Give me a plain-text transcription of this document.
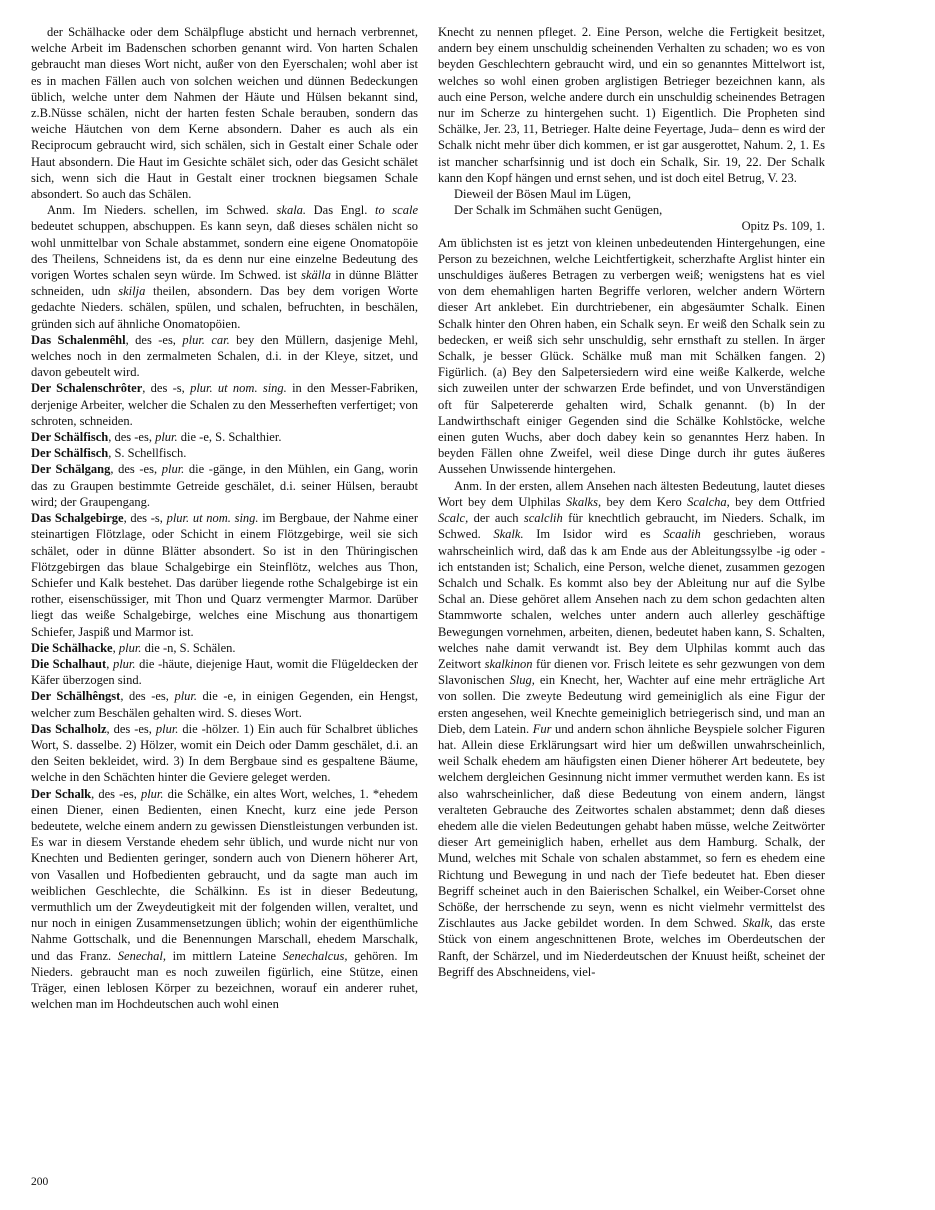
der Schälhacke oder dem Schälpfluge absticht und hernach verbrennet, welche Arbeit im Badenschen schorben genannt wird. Von harten Schalen gebraucht man dieses Wort nicht, außer von den Eyerschalen; wohl aber ist es in machen Fällen auch von solchen weichen und dünnen Bedeckungen üblich, welche unter dem Nahmen der Häute und Hülsen bekannt sind, z.B.Nüsse schälen, nicht der harten festen Schale berauben, sondern das weiche Häutchen von dem Kerne absondern. Daher es auch als ein Reciprocum gebraucht wird, sich schälen, sich in Gestalt einer Schale oder Haut absondern. Die Haut im Gesichte schälet sich, oder das Gesicht schälet sich, wenn sich die Haut in Gestalt einer trocknen biegsamen Schale absondert. So auch das Schälen.

Anm. Im Nieders. schellen, im Schwed. skala. Das Engl. to scale bedeutet schuppen, abschuppen. Es kann seyn, daß dieses schälen nicht so wohl unmittelbar von Schale abstammet, sondern eine eigene Onomatopöie des Theilens, Schneidens ist, da es denn nur eine einzelne Bedeutung des vorigen Wortes schalen seyn würde. Im Schwed. ist skälla in dünne Blätter schneiden, udn skilja theilen, absondern. Das bey dem vorigen Worte gedachte Nieders. schälen, spülen, und schalen, befruchten, in beschälen, gründen sich auf ähnliche Onomatopöien.

Das Schalenmêhl, des -es, plur. car. bey den Müllern, dasjenige Mehl, welches noch in den zermalmeten Schalen, d.i. in der Kleye, sitzet, und davon gebeutelt wird.

Der Schalenschrôter, des -s, plur. ut nom. sing. in den Messer-Fabriken, derjenige Arbeiter, welcher die Schalen zu den Messerheften verfertiget; von schroten, schneiden.

Der Schälfisch, des -es, plur. die -e, S. Schalthier.

Der Schälfisch, S. Schellfisch.

Der Schälgang, des -es, plur. die -gänge, in den Mühlen, ein Gang, worin das zu Graupen bestimmte Getreide geschälet, d.i. seiner Hülsen, beraubt wird; der Graupengang.

Das Schalgebirge, des -s, plur. ut nom. sing. im Bergbaue, der Nahme einer steinartigen Flötzlage, oder Schicht in einem Flötzgebirge, weil sie sich schälet, oder in dünne Blätter absondert. So ist in den Thüringischen Flötzgebirgen das blaue Schalgebirge ein Steinflötz, welches aus Thon, Schiefer und Kalk bestehet. Das darüber liegende rothe Schalgebirge ist ein rother, eisenschüssiger, mit Thon und Quarz vermengter Marmor. Darüber liegt das weiße Schalgebirge, welches eine Mischung aus thonartigem Schiefer, Jaspiß und Marmor ist.

Die Schälhacke, plur. die -n, S. Schälen.

Die Schalhaut, plur. die -häute, diejenige Haut, womit die Flügeldecken der Käfer überzogen sind.

Der Schälhêngst, des -es, plur. die -e, in einigen Gegenden, ein Hengst, welcher zum Beschälen gehalten wird. S. dieses Wort.

Das Schalholz, des -es, plur. die -hölzer. 1) Ein auch für Schalbret übliches Wort, S. dasselbe. 2) Hölzer, womit ein Deich oder Damm geschälet, d.i. an den Seiten bekleidet, wird. 3) In dem Bergbaue sind es gespaltene Bäume, welche in den Schächten hinter die Geviere geleget werden.

Der Schalk, des -es, plur. die Schälke, ein altes Wort, welches, 1. *ehedem einen Diener, einen Bedienten, einen Knecht, kurz eine jede Person bedeutete, welche einem andern zu gewissen Dienstleistungen verbunden ist. Es war in diesem Verstande ehedem sehr üblich, und wurde nicht nur von Knechten und Bedienten geringer, sondern auch von Dienern höherer Art, von Vasallen und Hofbedienten gebraucht, und da sagte man auch im weiblichen Geschlechte, die Schälkinn. Es ist in dieser Bedeutung, vermuthlich um der Zweydeutigkeit mit der folgenden willen, veraltet, und nur noch in einigen Zusammensetzungen üblich; wohin der eigenthümliche Nahme Gottschalk, und die Benennungen Marschall, ehedem Marschalk, und das Franz. Senechal, im mittlern Lateine Senechalcus, gehören. Im Nieders. gebraucht man es noch zuweilen figürlich, eine Stütze, einen Träger, einen leblosen Körper zu bezeichnen, worauf ein anderer ruhet, welchen man im Hochdeutschen auch wohl einen

Knecht zu nennen pfleget. 2. Eine Person, welche die Fertigkeit besitzet, andern bey einem unschuldig scheinenden Verhalten zu schaden; wo es von beyden Geschlechtern gebraucht wird, und ein so genanntes Mittelwort ist, welches so wohl einen groben arglistigen Betrieger bezeichnen kann, als auch eine Person, welche andere durch ein unschuldig scheinendes Betragen nur im Scherze zu hintergehen sucht. 1) Eigentlich. Die Propheten sind Schälke, Jer. 23, 11, Betrieger. Halte deine Feyertage, Juda– denn es wird der Schalk nicht mehr über dich kommen, er ist gar ausgerottet, Nahum. 2, 1. Es ist mancher scharfsinnig und ist doch ein Schalk, Sir. 19, 22. Der Schalk kann den Kopf hängen und ernst sehen, und ist doch eitel Betrug, V. 23.

Dieweil der Bösen Maul im Lügen,

Der Schalk im Schmähen sucht Genügen,

Opitz Ps. 109, 1.

Am üblichsten ist es jetzt von kleinen unbedeutenden Hintergehungen, eine Person zu bezeichnen, welche Leichtfertigkeit, scherzhafte Arglist hinter ein unschuldiges äußeres Betragen zu verbergen weiß; wenigstens hat es viel von dem ehemahligen harten Begriffe verloren, welcher andern Wörtern dieser Art anklebet. Ein durchtriebener, ein abgesäumter Schalk. Einen Schalk hinter den Ohren haben, ein Schalk seyn. Er weiß den Schalk sein zu bedecken, er weiß sich sehr unschuldig, sehr ernsthaft zu stellen. In ärger Schalk, je besser Glück. Schälke muß man mit Schälken fangen. 2) Figürlich. (a) Bey den Salpetersiedern wird eine weiße Kalkerde, welche sich zuweilen unter der schwarzen Erde befindet, und von Unverständigen oft für Salpetererde gehalten wird, Schalk genannt. (b) In der Landwirthschaft einiger Gegenden sind die Schälke Kohlstöcke, welche einen guten Wuchs, aber doch dabey kein so genanntes Herz haben. In beyden Fällen ohne Zweifel, weil diese Dinge durch ihr gutes äußeres Aussehen Unwissende hintergehen.

Anm. In der ersten, allem Ansehen nach ältesten Bedeutung, lautet dieses Wort bey dem Ulphilas Skalks, bey dem Kero Scalcha, bey dem Ottfried Scalc, der auch scalclih für knechtlich gebraucht, im Nieders. Schalk, im Schwed. Skalk. Im Isidor wird es Scaalih geschrieben, woraus wahrscheinlich wird, daß das k am Ende aus der Ableitungssylbe -ig oder -ich entstanden ist; Schalich, eine Person, welche dienet, zusammen gezogen Schalch und Schalk. Es kommt also bey der Ableitung nur auf die Sylbe Schal an. Diese gehöret allem Ansehen nach zu dem schon gedachten alten Stammworte schalen, welches unter andern auch allerley geschäftige Bewegungen vornehmen, arbeiten, dienen, bedeutet haben kann, S. Schalten, welches nahe damit verwandt ist. Bey dem Ulphilas kommt auch das Zeitwort skalkinon für dienen vor. Frisch leitete es sehr gezwungen von dem Slavonischen Slug, ein Knecht, her, Wachter auf eine mehr erträgliche Art von sollen. Die zweyte Bedeutung wird gemeiniglich als eine Figur der ersten angesehen, weil Knechte gemeiniglich betriegerisch sind, und man an Dieb, dem Latein. Fur und andern schon ähnliche Beyspiele solcher Figuren hat. Allein diese Erklärungsart wird hier um deßwillen unwahrscheinlich, weil Schalk ehedem am häufigsten einen Diener höherer Art bedeutete, bey welchem dergleichen Gesinnung nicht immer vermuthet werden kann. Es ist also wahrscheinlicher, daß diese Bedeutung von einem andern, längst veralteten Gebrauche des Zeitwortes schalen abstammet; denn daß dieses ehedem alle die vielen Bedeutungen gehabt haben müsse, welche Zeitwörter dieser Art gemeiniglich haben, erhellet aus dem Hamburg. Schalk, der Mund, welches mit Schale von schalen abstammet, so fern es ehedem eine Richtung und Bewegung in und nach der Tiefe bedeutet hat. Eben dieser Begriff scheinet auch in den Baierischen Schalkel, ein Weiber-Corset ohne Schöße, der herrschende zu seyn, wenn es nicht vielmehr vermittelst des Zischlautes aus Jacke gebildet worden. In dem Schwed. Skalk, das erste Stück von einem angeschnittenen Brote, welches im Oberdeutschen der Ranft, der Schärzel, und im Niederdeutschen der Knuust heißt, scheinet der Begriff des Abschneidens, viel-

200
